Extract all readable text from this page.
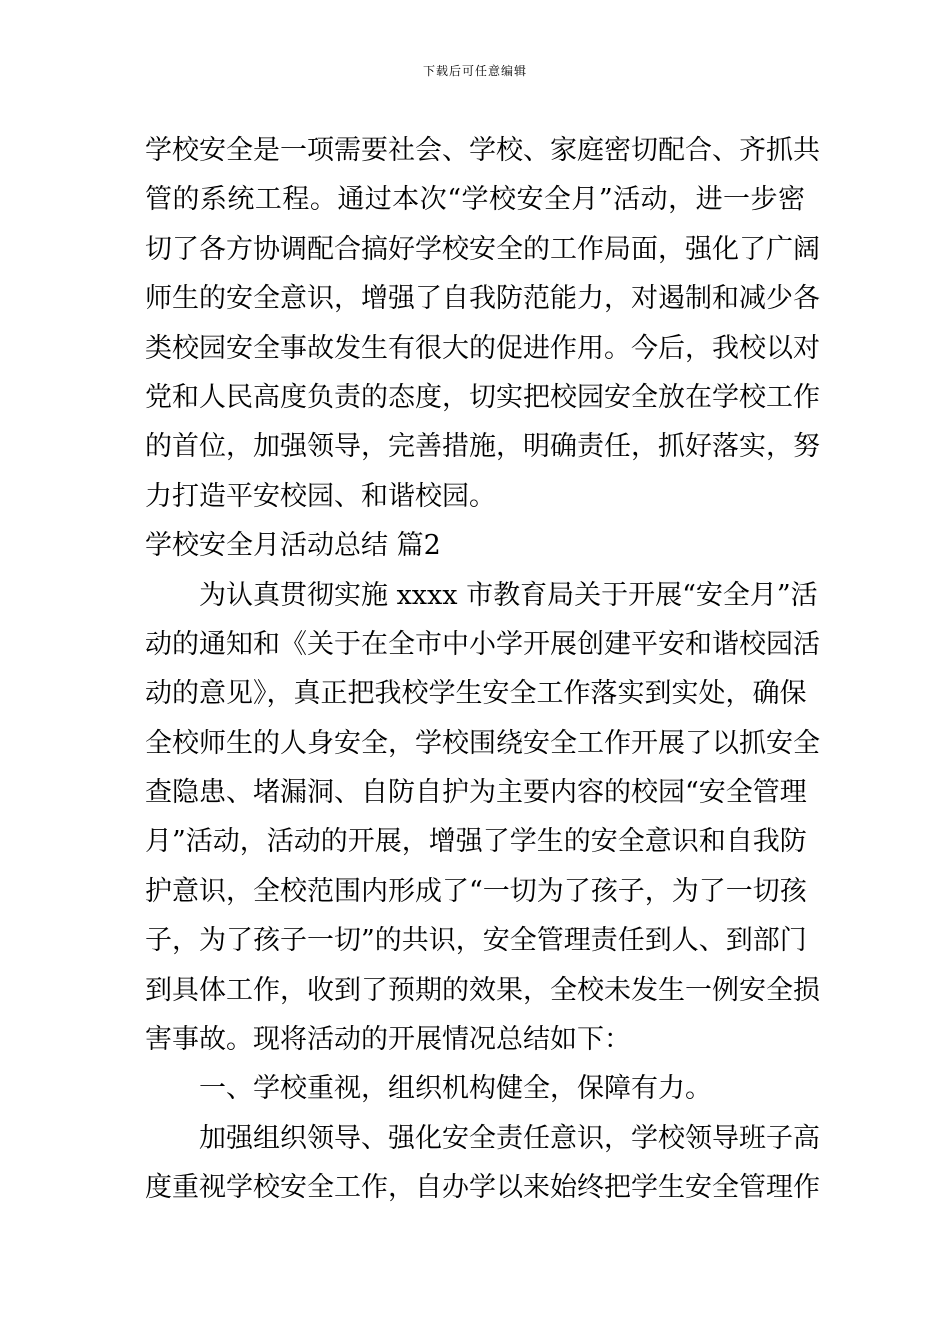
下载后可任意编辑
学校安全是一项需要社会、学校、家庭密切配合、齐抓共
管的系统工程。通过本次“学校安全月”活动，进一步密
切了各方协调配合搞好学校安全的工作局面，强化了广阔
师生的安全意识，增强了自我防范能力，对遏制和减少各
类校园安全事故发生有很大的促进作用。今后，我校以对
党和人民高度负责的态度，切实把校园安全放在学校工作
的首位，加强领导，完善措施，明确责任，抓好落实，努
力打造平安校园、和谐校园。
学校安全月活动总结 篇2
为认真贯彻实施 xxxx 市教育局关于开展“安全月”活
动的通知和《关于在全市中小学开展创建平安和谐校园活
动的意见》，真正把我校学生安全工作落实到实处，确保
全校师生的人身安全，学校围绕安全工作开展了以抓安全
查隐患、堵漏洞、自防自护为主要内容的校园“安全管理
月”活动，活动的开展，增强了学生的安全意识和自我防
护意识，全校范围内形成了“一切为了孩子，为了一切孩
子，为了孩子一切”的共识，安全管理责任到人、到部门
到具体工作，收到了预期的效果，全校未发生一例安全损
害事故。现将活动的开展情况总结如下：
一、学校重视，组织机构健全，保障有力。
加强组织领导、强化安全责任意识，学校领导班子高
度重视学校安全工作，自办学以来始终把学生安全管理作
